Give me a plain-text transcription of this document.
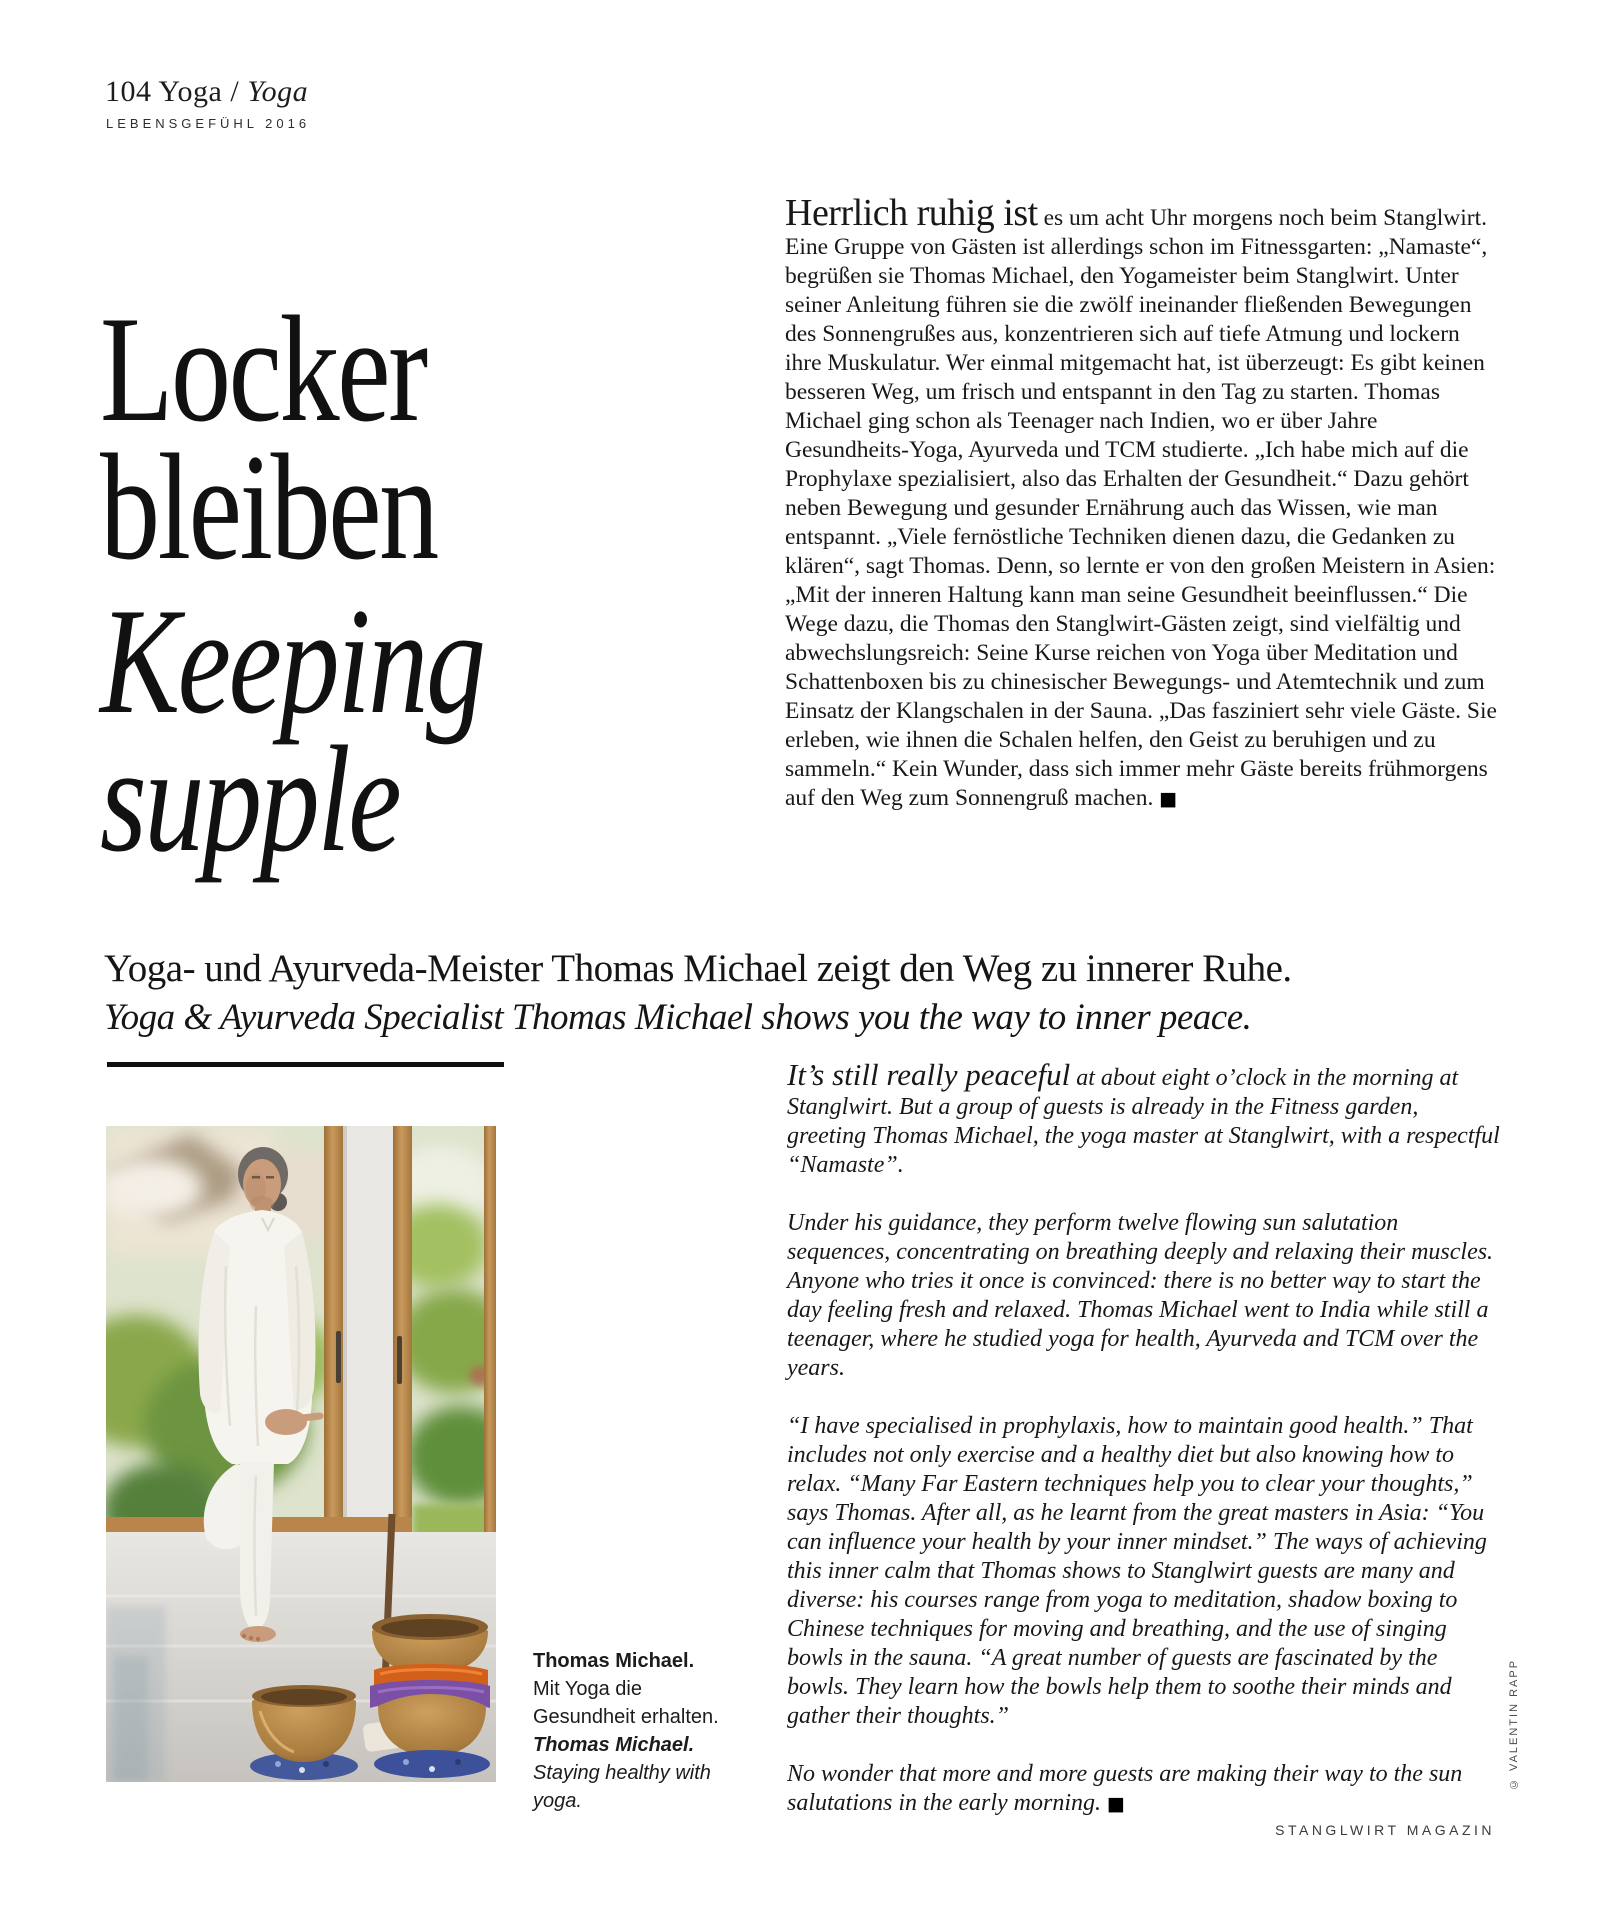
104 Yoga / Yoga
LEBENSGEFÜHL 2016
Locker
bleiben
Keeping
supple

Herrlich ruhig ist es um acht Uhr morgens noch beim Stanglwirt. Eine Gruppe von Gästen ist allerdings schon im Fitnessgarten: „Namaste“, begrüßen sie Thomas Michael, den Yogameister beim Stanglwirt. Unter seiner Anleitung führen sie die zwölf ineinander fließenden Bewegungen des Sonnengrußes aus, konzentrieren sich auf tiefe Atmung und lockern ihre Muskulatur. Wer einmal mitgemacht hat, ist überzeugt: Es gibt keinen besseren Weg, um frisch und entspannt in den Tag zu starten. Thomas Michael ging schon als Teenager nach Indien, wo er über Jahre Gesundheits-Yoga, Ayurveda und TCM studierte. „Ich habe mich auf die Prophylaxe spezialisiert, also das Erhalten der Gesundheit.“ Dazu gehört neben Bewegung und gesunder Ernährung auch das Wissen, wie man entspannt. „Viele fernöstliche Techniken dienen dazu, die Gedanken zu klären“, sagt Thomas. Denn, so lernte er von den großen Meistern in Asien: „Mit der inneren Haltung kann man seine Gesundheit beeinflussen.“ Die Wege dazu, die Thomas den Stanglwirt-Gästen zeigt, sind vielfältig und abwechslungsreich: Seine Kurse reichen von Yoga über Meditation und Schattenboxen bis zu chinesischer Bewegungs- und Atemtechnik und zum Einsatz der Klangschalen in der Sauna. „Das fasziniert sehr viele Gäste. Sie erleben, wie ihnen die Schalen helfen, den Geist zu beruhigen und zu sammeln.“ Kein Wunder, dass sich immer mehr Gäste bereits frühmorgens auf den Weg zum Sonnengruß machen. ■

Yoga- und Ayurveda-Meister Thomas Michael zeigt den Weg zu innerer Ruhe.
Yoga & Ayurveda Specialist Thomas Michael shows you the way to inner peace.
Thomas Michael.
Mit Yoga die Gesundheit erhalten.
Thomas Michael.
Staying healthy with yoga.

It’s still really peaceful at about eight o’clock in the morning at Stanglwirt. But a group of guests is already in the Fitness garden, greeting Thomas Michael, the yoga master at Stanglwirt, with a respectful “Namaste”.

Under his guidance, they perform twelve flowing sun salutation sequences, concentrating on breathing deeply and relaxing their muscles. Anyone who tries it once is convinced: there is no better way to start the day feeling fresh and relaxed. Thomas Michael went to India while still a teenager, where he studied yoga for health, Ayurveda and TCM over the years.

“I have specialised in prophylaxis, how to maintain good health.” That includes not only exercise and a healthy diet but also knowing how to relax. “Many Far Eastern techniques help you to clear your thoughts,” says Thomas. After all, as he learnt from the great masters in Asia: “You can influence your health by your inner mindset.” The ways of achieving this inner calm that Thomas shows to Stanglwirt guests are many and diverse: his courses range from yoga to meditation, shadow boxing to Chinese techniques for moving and breathing, and the use of singing bowls in the sauna. “A great number of guests are fascinated by the bowls. They learn how the bowls help them to soothe their minds and gather their thoughts.”

No wonder that more and more guests are making their way to the sun salutations in the early morning. ■

STANGLWIRT MAGAZIN
© VALENTIN RAPP
